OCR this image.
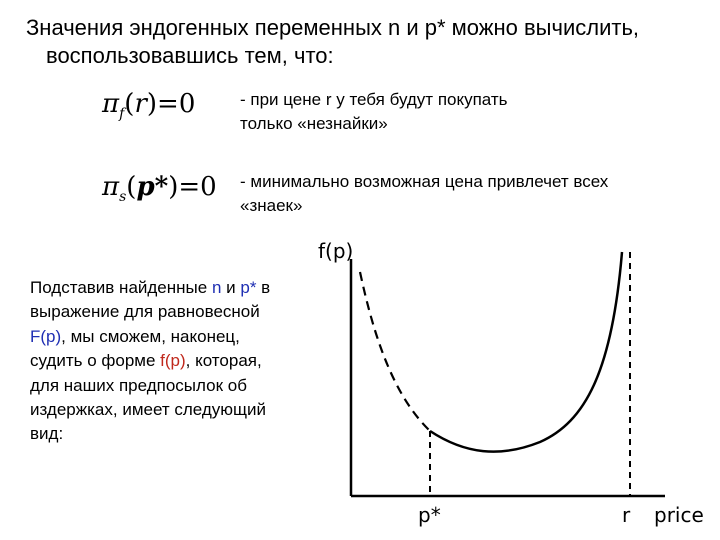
Значения эндогенных переменных n и p* можно вычислить,
воспользовавшись тем, что:
$\pi_f(r)=0$	- при цене r у тебя будут покупать
только «незнайки»
$\pi_s(p*)=0$ - минимально возможная цена привлечет всех
«знаек»
Подставив найденные n и p* в выражение для равновесной F(p), мы сможем, наконец, судить о форме f(p), которая, для наших предпосылок об издержках, имеет следующий вид:
f(p)
p*	r price
